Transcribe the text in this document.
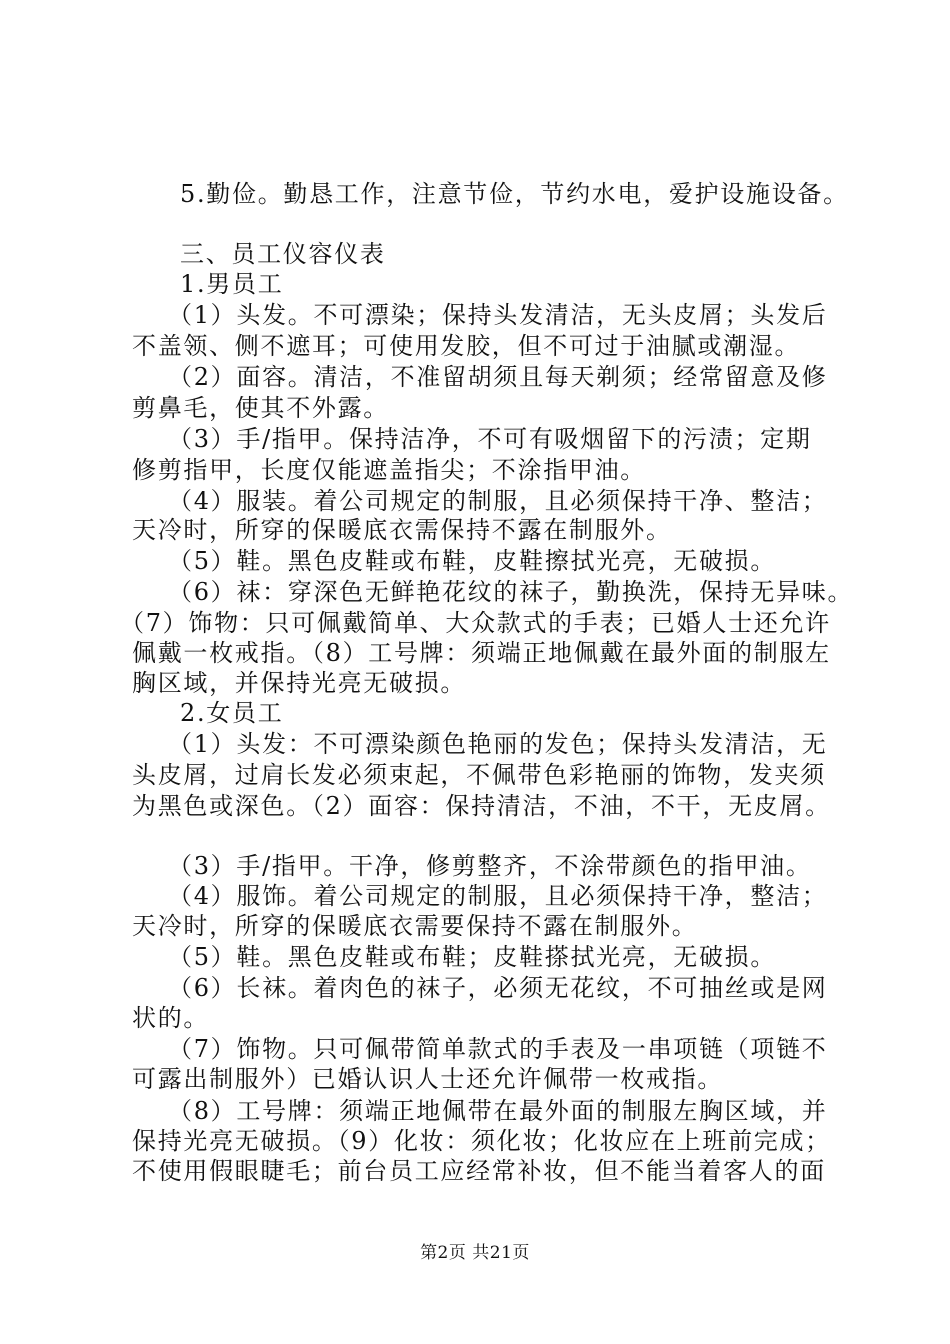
5.勤俭。勤恳工作，注意节俭，节约水电，爱护设施设备。
三、员工仪容仪表
1.男员工
（1）头发。不可漂染；保持头发清洁，无头皮屑；头发后
不盖领、侧不遮耳；可使用发胶，但不可过于油腻或潮湿。
（2）面容。清洁，不准留胡须且每天剃须；经常留意及修
剪鼻毛，使其不外露。
（3）手/指甲。保持洁净，不可有吸烟留下的污渍；定期
修剪指甲，长度仅能遮盖指尖；不涂指甲油。
（4）服装。着公司规定的制服，且必须保持干净、整洁；
天冷时，所穿的保暖底衣需保持不露在制服外。
（5）鞋。黑色皮鞋或布鞋，皮鞋擦拭光亮，无破损。
（6）袜：穿深色无鲜艳花纹的袜子，勤换洗，保持无异味。
（7）饰物：只可佩戴简单、大众款式的手表；已婚人士还允许
佩戴一枚戒指。（8）工号牌：须端正地佩戴在最外面的制服左
胸区域，并保持光亮无破损。
2.女员工
（1）头发：不可漂染颜色艳丽的发色；保持头发清洁，无
头皮屑，过肩长发必须束起，不佩带色彩艳丽的饰物，发夹须
为黑色或深色。（2）面容：保持清洁，不油，不干，无皮屑。
（3）手/指甲。干净，修剪整齐，不涂带颜色的指甲油。
（4）服饰。着公司规定的制服，且必须保持干净，整洁；
天冷时，所穿的保暖底衣需要保持不露在制服外。
（5）鞋。黑色皮鞋或布鞋；皮鞋搽拭光亮，无破损。
（6）长袜。着肉色的袜子，必须无花纹，不可抽丝或是网
状的。
（7）饰物。只可佩带简单款式的手表及一串项链（项链不
可露出制服外）已婚认识人士还允许佩带一枚戒指。
（8）工号牌：须端正地佩带在最外面的制服左胸区域，并
保持光亮无破损。（9）化妆：须化妆；化妆应在上班前完成；
不使用假眼睫毛；前台员工应经常补妆，但不能当着客人的面
第2页 共21页
